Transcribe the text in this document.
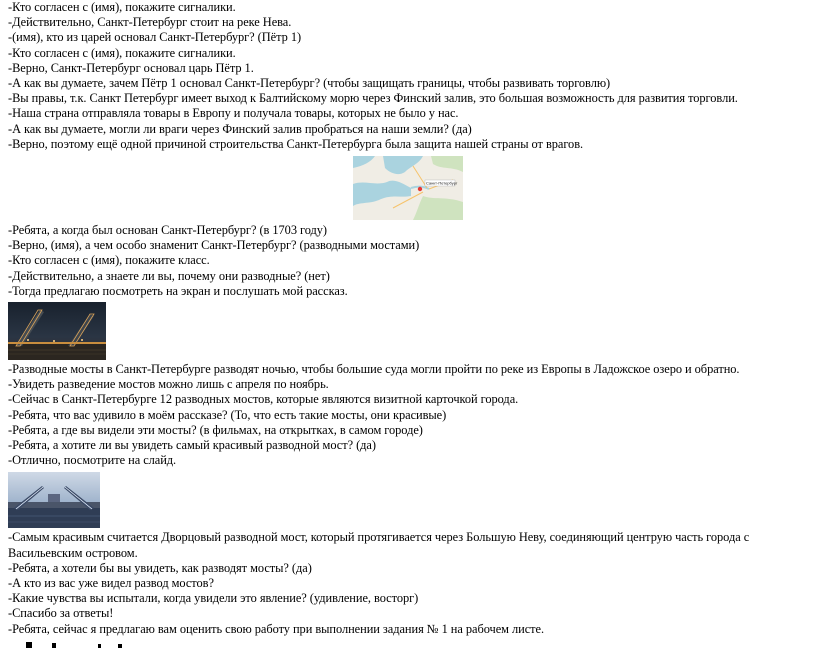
-Кто согласен с (имя), покажите сигналики.
-Действительно, Санкт-Петербург стоит на реке Нева.
-(имя), кто из царей основал Санкт-Петербург? (Пётр 1)
-Кто согласен с (имя), покажите сигналики.
-Верно, Санкт-Петербург основал царь Пётр 1.
-А как вы думаете, зачем Пётр 1 основал Санкт-Петербург? (чтобы защищать границы, чтобы развивать торговлю)
-Вы правы, т.к. Санкт Петербург имеет выход к Балтийскому морю через Финский залив, это большая возможность для развития торговли.
-Наша страна отправляла товары в Европу и получала товары, которых не было у нас.
-А как вы думаете, могли ли враги через Финский залив пробраться на наши земли? (да)
-Верно, поэтому ещё одной причиной строительства Санкт-Петербурга была защита нашей страны от врагов.
Санкт-Петербург
-Ребята, а когда был основан Санкт-Петербург? (в 1703 году)
-Верно, (имя), а чем особо знаменит Санкт-Петербург? (разводными мостами)
-Кто согласен с (имя), покажите класс.
-Действительно, а знаете ли вы, почему они разводные? (нет)
-Тогда предлагаю посмотреть на экран и послушать мой рассказ.
-Разводные мосты в Санкт-Петербурге разводят ночью, чтобы большие суда могли пройти по реке из Европы в Ладожское озеро и обратно.
-Увидеть разведение мостов можно лишь с апреля по ноябрь.
-Сейчас в Санкт-Петербурге 12 разводных мостов, которые являются визитной карточкой города.
-Ребята, что вас удивило в моём рассказе? (То, что есть такие мосты, они красивые)
-Ребята, а где вы видели эти мосты? (в фильмах, на открытках, в самом городе)
-Ребята, а хотите ли вы увидеть самый красивый разводной мост? (да)
-Отлично, посмотрите на слайд.
-Самым красивым считается Дворцовый разводной мост, который протягивается через Большую Неву, соединяющий центрую часть города с Васильевским островом.
-Ребята, а хотели бы вы увидеть, как разводят мосты? (да)
-А кто из вас уже видел развод мостов?
-Какие чувства вы испытали, когда увидели это явление? (удивление, восторг)
-Спасибо за ответы!
-Ребята, сейчас я предлагаю вам оценить свою работу при выполнении задания № 1 на рабочем листе.
